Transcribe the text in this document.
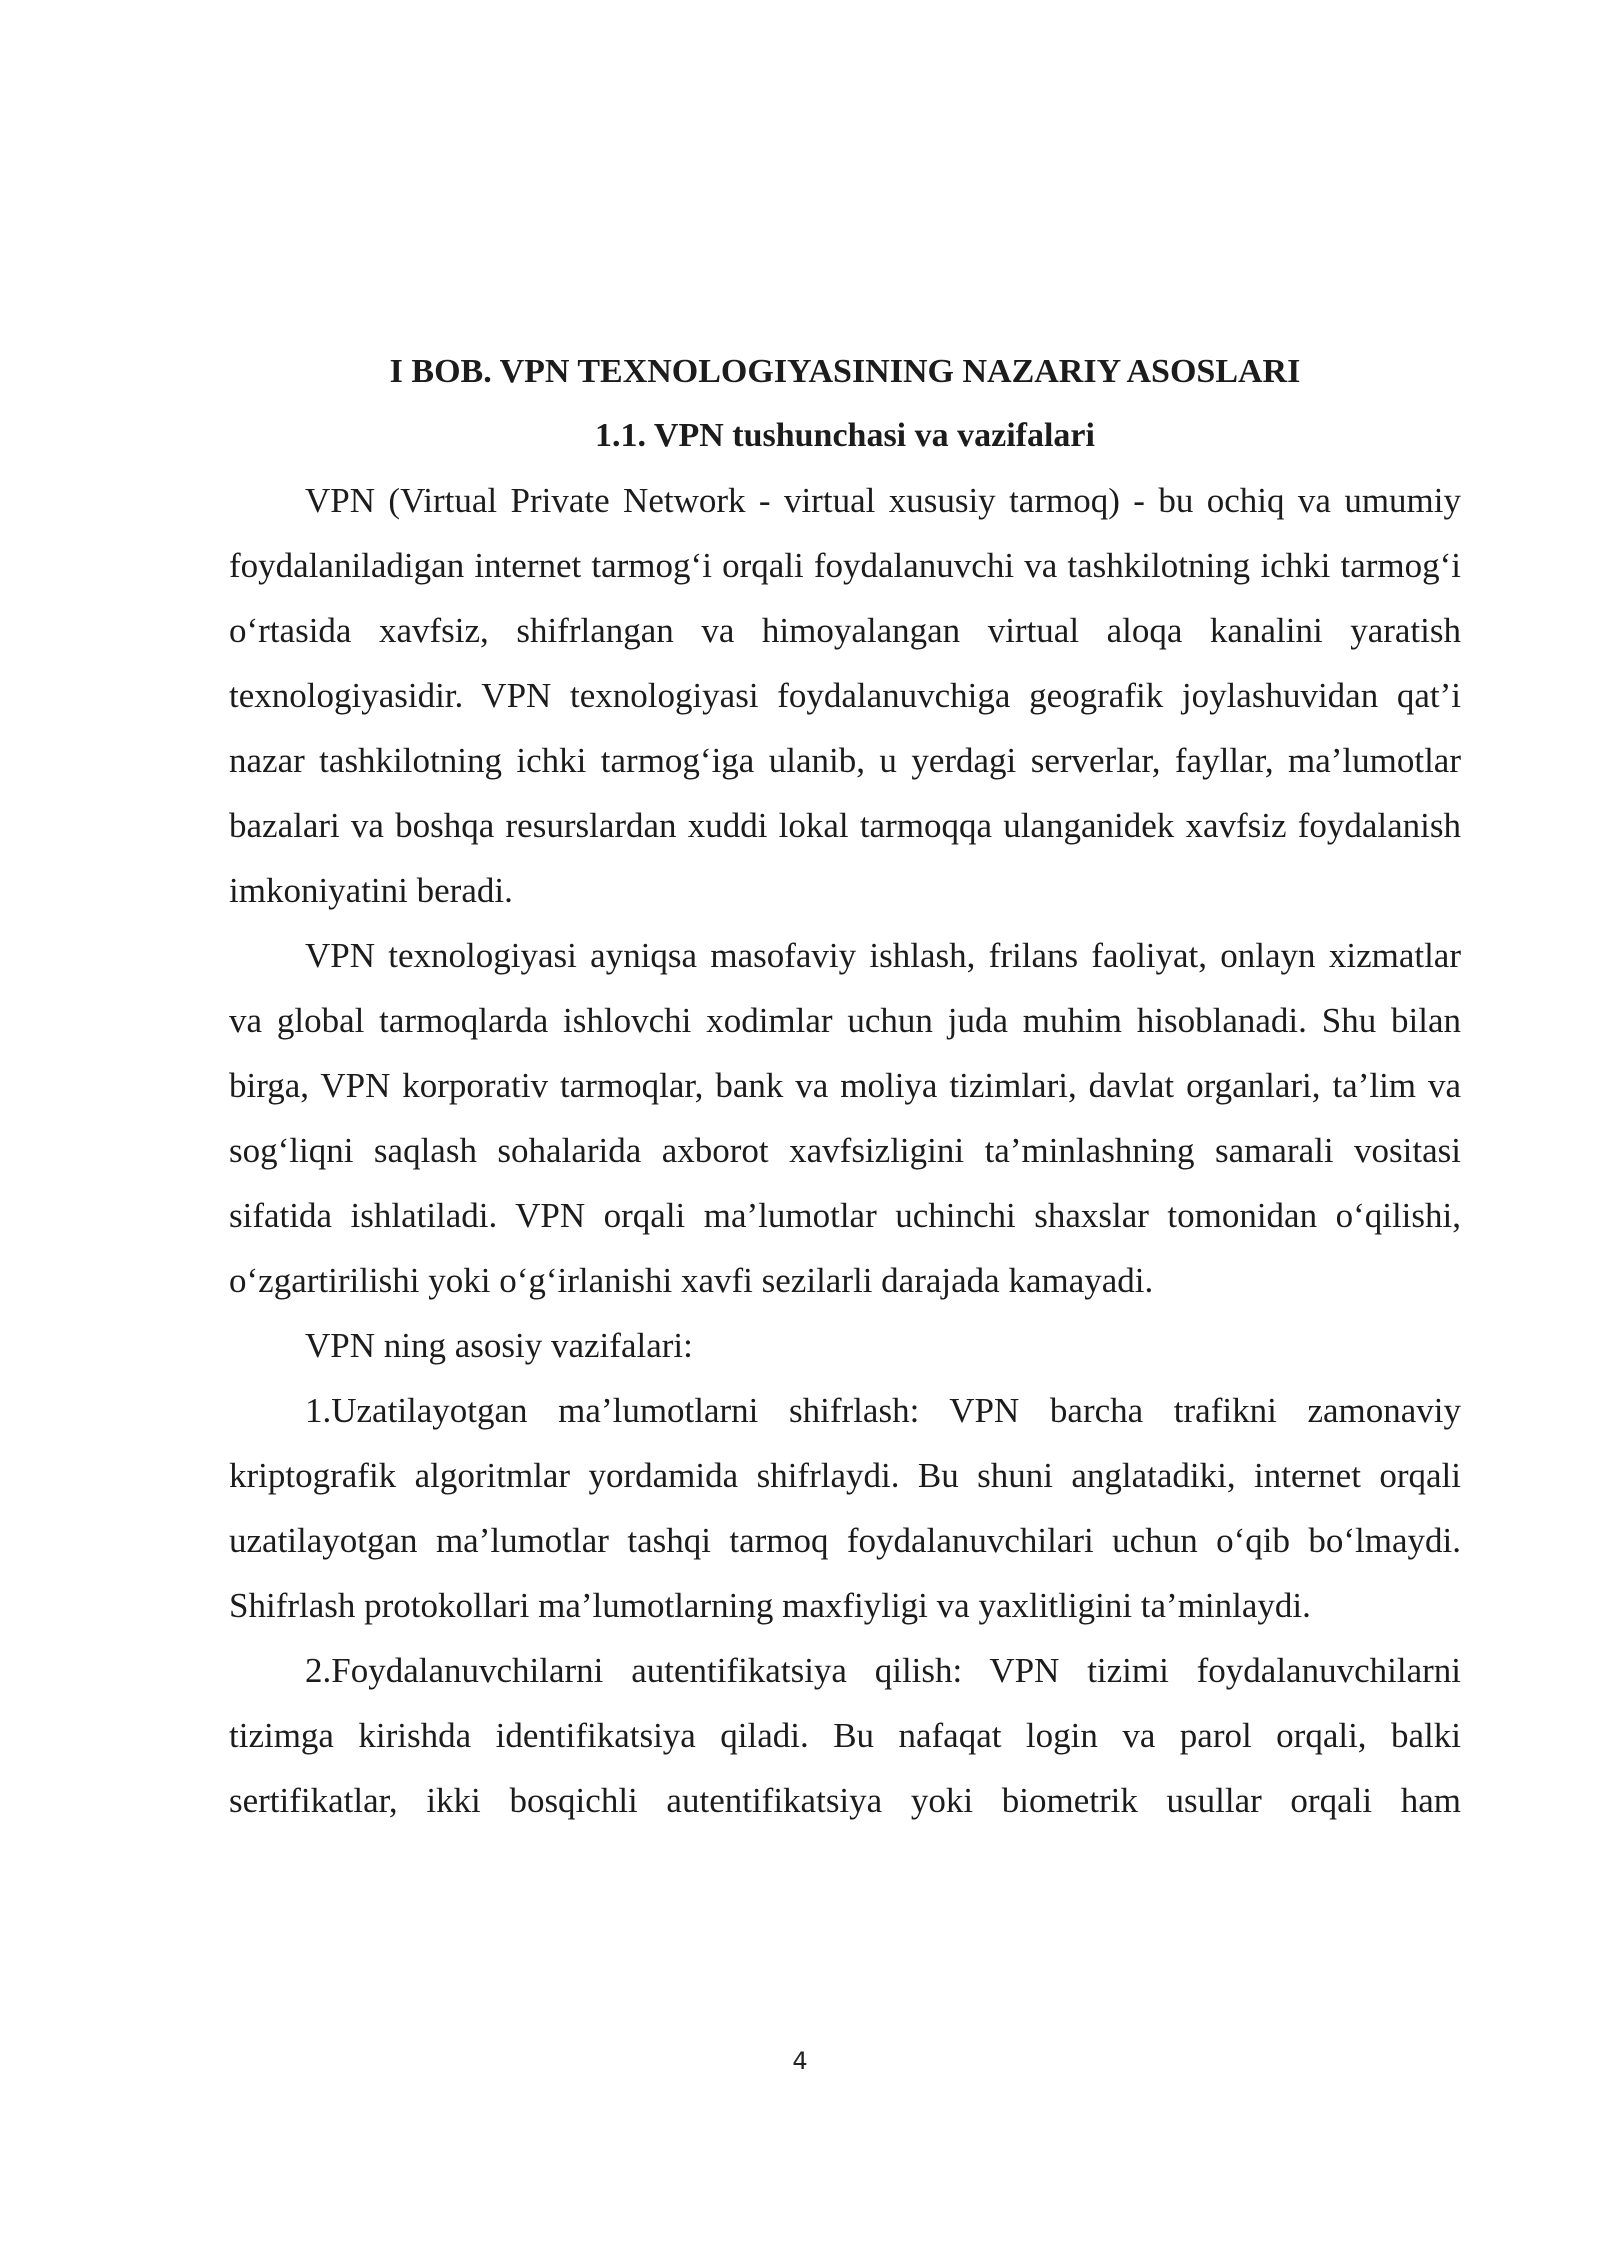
I BOB. VPN TEXNOLOGIYASINING NAZARIY ASOSLARI
1.1. VPN tushunchasi va vazifalari

VPN (Virtual Private Network - virtual xususiy tarmoq) - bu ochiq va umumiy foydalaniladigan internet tarmog‘i orqali foydalanuvchi va tashkilotning ichki tarmog‘i o‘rtasida xavfsiz, shifrlangan va himoyalangan virtual aloqa kanalini yaratish texnologiyasidir. VPN texnologiyasi foydalanuvchiga geografik joylashuvidan qat’i nazar tashkilotning ichki tarmog‘iga ulanib, u yerdagi serverlar, fayllar, ma’lumotlar bazalari va boshqa resurslardan xuddi lokal tarmoqqa ulanganidek xavfsiz foydalanish imkoniyatini beradi.

VPN texnologiyasi ayniqsa masofaviy ishlash, frilans faoliyat, onlayn xizmatlar va global tarmoqlarda ishlovchi xodimlar uchun juda muhim hisoblanadi. Shu bilan birga, VPN korporativ tarmoqlar, bank va moliya tizimlari, davlat organlari, ta’lim va sog‘liqni saqlash sohalarida axborot xavfsizligini ta’minlashning samarali vositasi sifatida ishlatiladi. VPN orqali ma’lumotlar uchinchi shaxslar tomonidan o‘qilishi, o‘zgartirilishi yoki o‘g‘irlanishi xavfi sezilarli darajada kamayadi.

VPN ning asosiy vazifalari:

1.Uzatilayotgan ma’lumotlarni shifrlash: VPN barcha trafikni zamonaviy kriptografik algoritmlar yordamida shifrlaydi. Bu shuni anglatadiki, internet orqali uzatilayotgan ma’lumotlar tashqi tarmoq foydalanuvchilari uchun o‘qib bo‘lmaydi. Shifrlash protokollari ma’lumotlarning maxfiyligi va yaxlitligini ta’minlaydi.

2.Foydalanuvchilarni autentifikatsiya qilish: VPN tizimi foydalanuvchilarni tizimga kirishda identifikatsiya qiladi. Bu nafaqat login va parol orqali, balki sertifikatlar, ikki bosqichli autentifikatsiya yoki biometrik usullar orqali ham

4
